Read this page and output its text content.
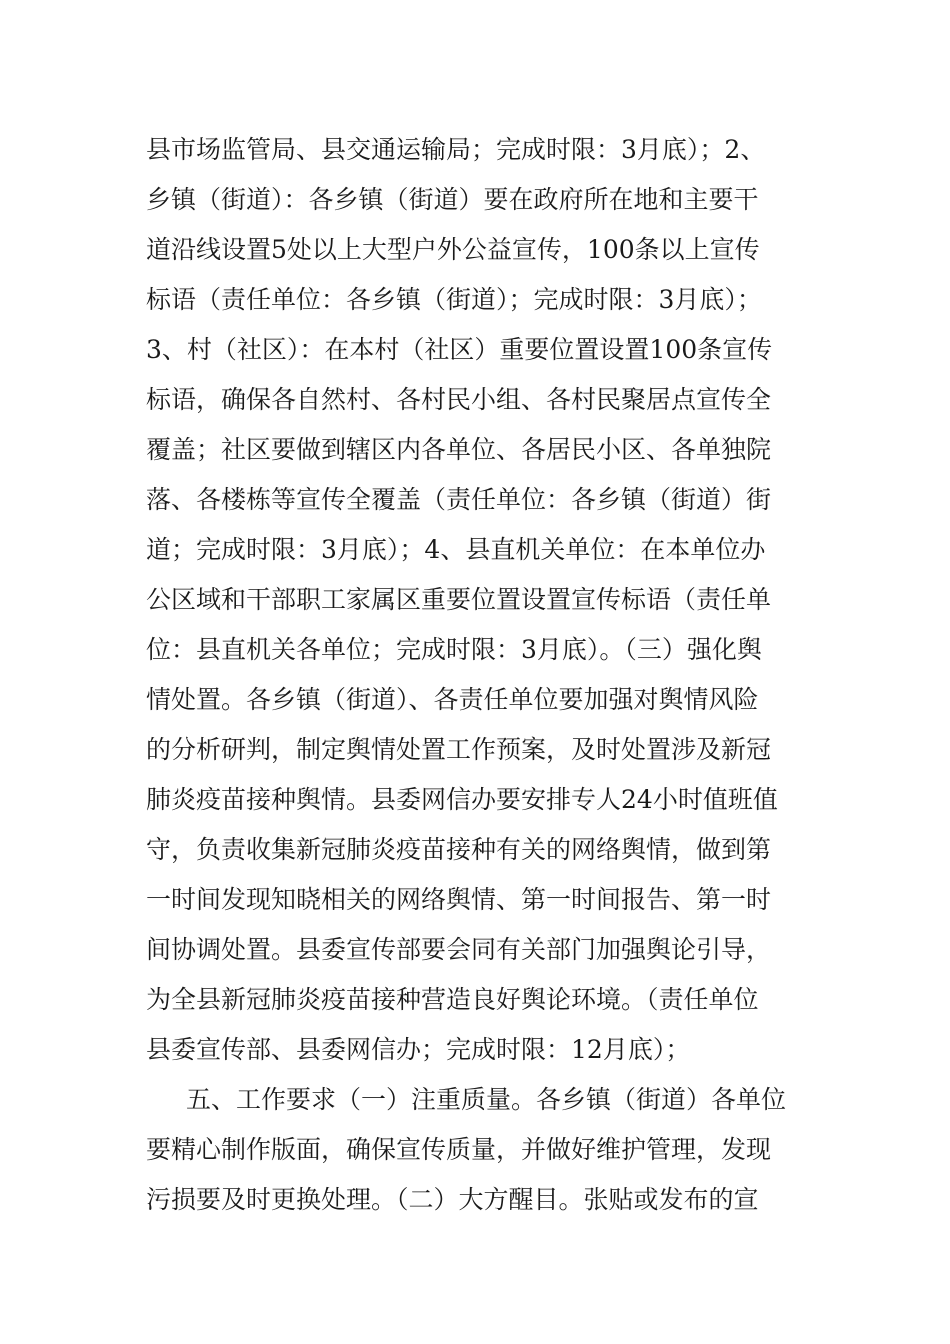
县市场监管局、县交通运输局；完成时限：3月底）；2、
乡镇（街道）：各乡镇（街道）要在政府所在地和主要干
道沿线设置5处以上大型户外公益宣传，100条以上宣传
标语（责任单位：各乡镇（街道）；完成时限：3月底）；
3、村（社区）：在本村（社区）重要位置设置100条宣传
标语，确保各自然村、各村民小组、各村民聚居点宣传全
覆盖；社区要做到辖区内各单位、各居民小区、各单独院
落、各楼栋等宣传全覆盖（责任单位：各乡镇（街道）街
道；完成时限：3月底）；4、县直机关单位：在本单位办
公区域和干部职工家属区重要位置设置宣传标语（责任单
位：县直机关各单位；完成时限：3月底）。（三）强化舆
情处置。各乡镇（街道）、各责任单位要加强对舆情风险
的分析研判，制定舆情处置工作预案，及时处置涉及新冠
肺炎疫苗接种舆情。县委网信办要安排专人24小时值班值
守，负责收集新冠肺炎疫苗接种有关的网络舆情，做到第
一时间发现知晓相关的网络舆情、第一时间报告、第一时
间协调处置。县委宣传部要会同有关部门加强舆论引导，
为全县新冠肺炎疫苗接种营造良好舆论环境。（责任单位
县委宣传部、县委网信办；完成时限：12月底）；
五、工作要求（一）注重质量。各乡镇（街道）各单位
要精心制作版面，确保宣传质量，并做好维护管理，发现
污损要及时更换处理。（二）大方醒目。张贴或发布的宣
